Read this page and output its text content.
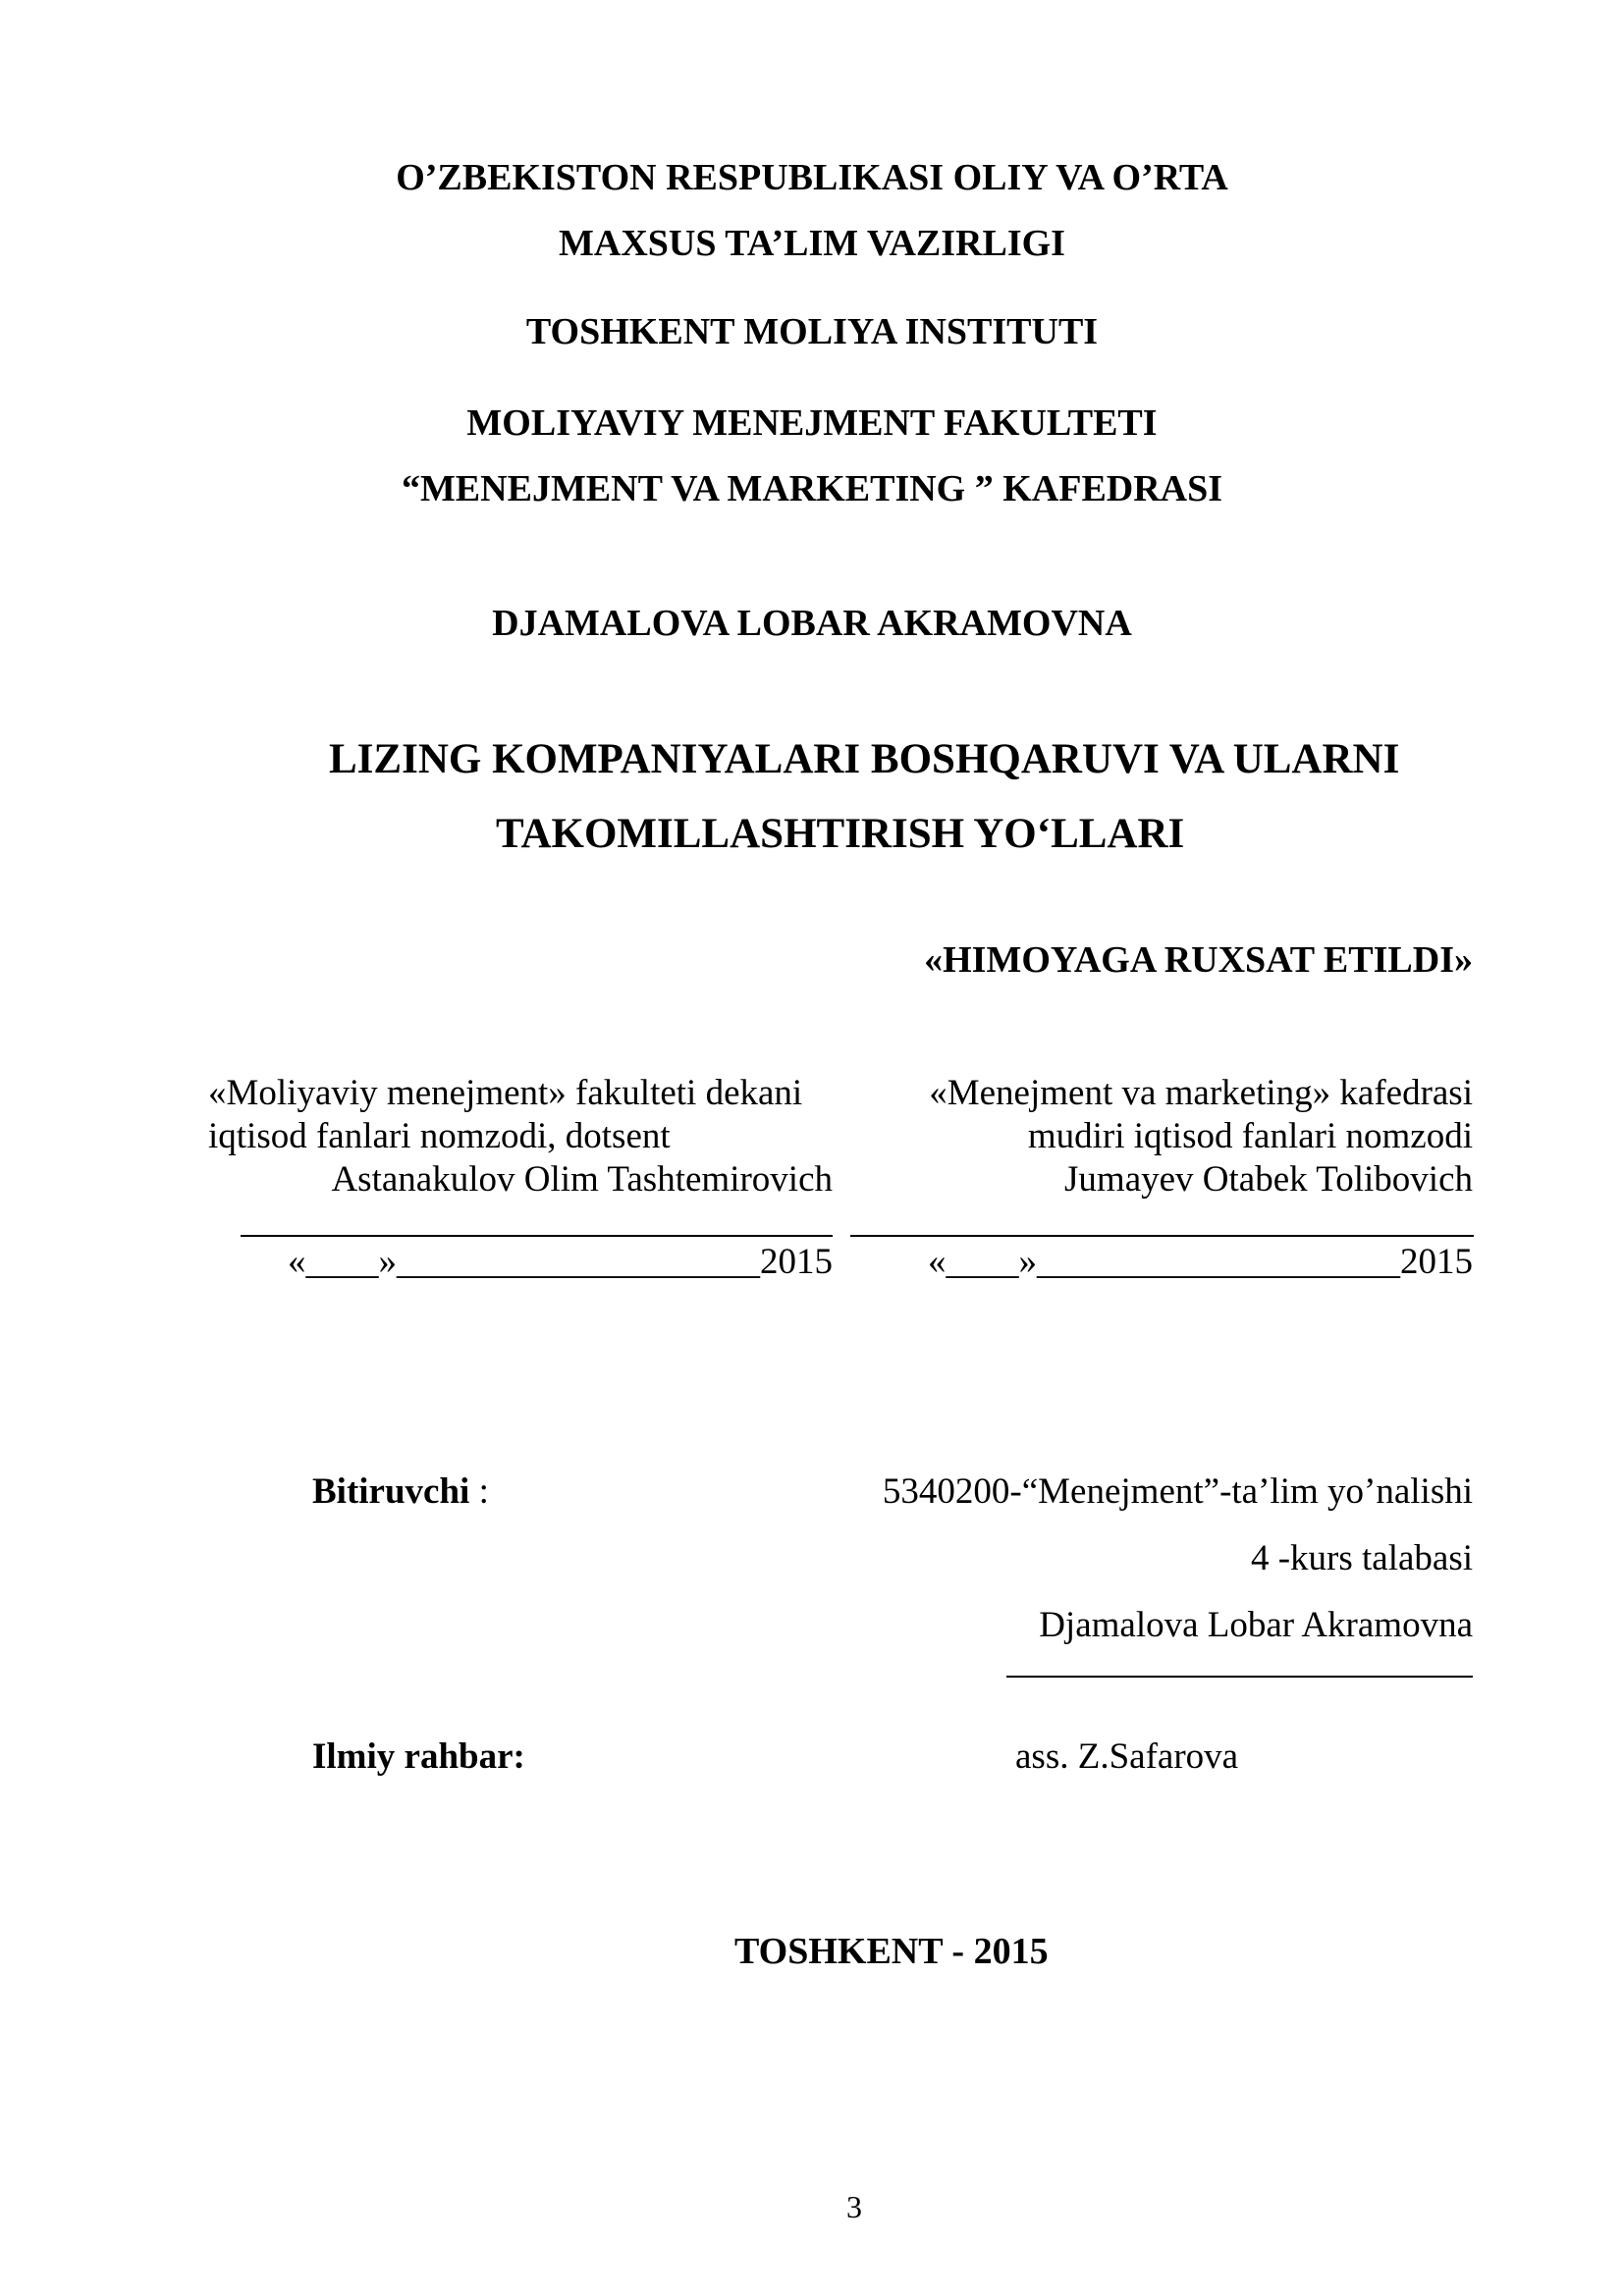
O’ZBEKISTON RESPUBLIKASI OLIY VA O’RTA
MAXSUS TA’LIM VAZIRLIGI
TOSHKENT MOLIYA INSTITUTI
MOLIYAVIY MENEJMENT FAKULTETI
“MENEJMENT VA MARKETING ” KAFEDRASI
DJAMALOVA LOBAR AKRAMOVNA
LIZING KOMPANIYALARI BOSHQARUVI VA ULARNI
TAKOMILLASHTIRISH YO‘LLARI
«HIMOYAGA RUXSAT ETILDI»
«Moliyaviy menejment» fakulteti dekani
iqtisod fanlari nomzodi, dotsent
Astanakulov Olim Tashtemirovich
«____»____________________2015
«Menejment va marketing» kafedrasi
mudiri iqtisod fanlari nomzodi
Jumayev Otabek Tolibovich
«____»____________________2015
Bitiruvchi :	5340200-“Menejment”-ta’lim yo’nalishi
4 -kurs talabasi
Djamalova Lobar Akramovna
Ilmiy rahbar:	ass. Z.Safarova
TOSHKENT - 2015
3
